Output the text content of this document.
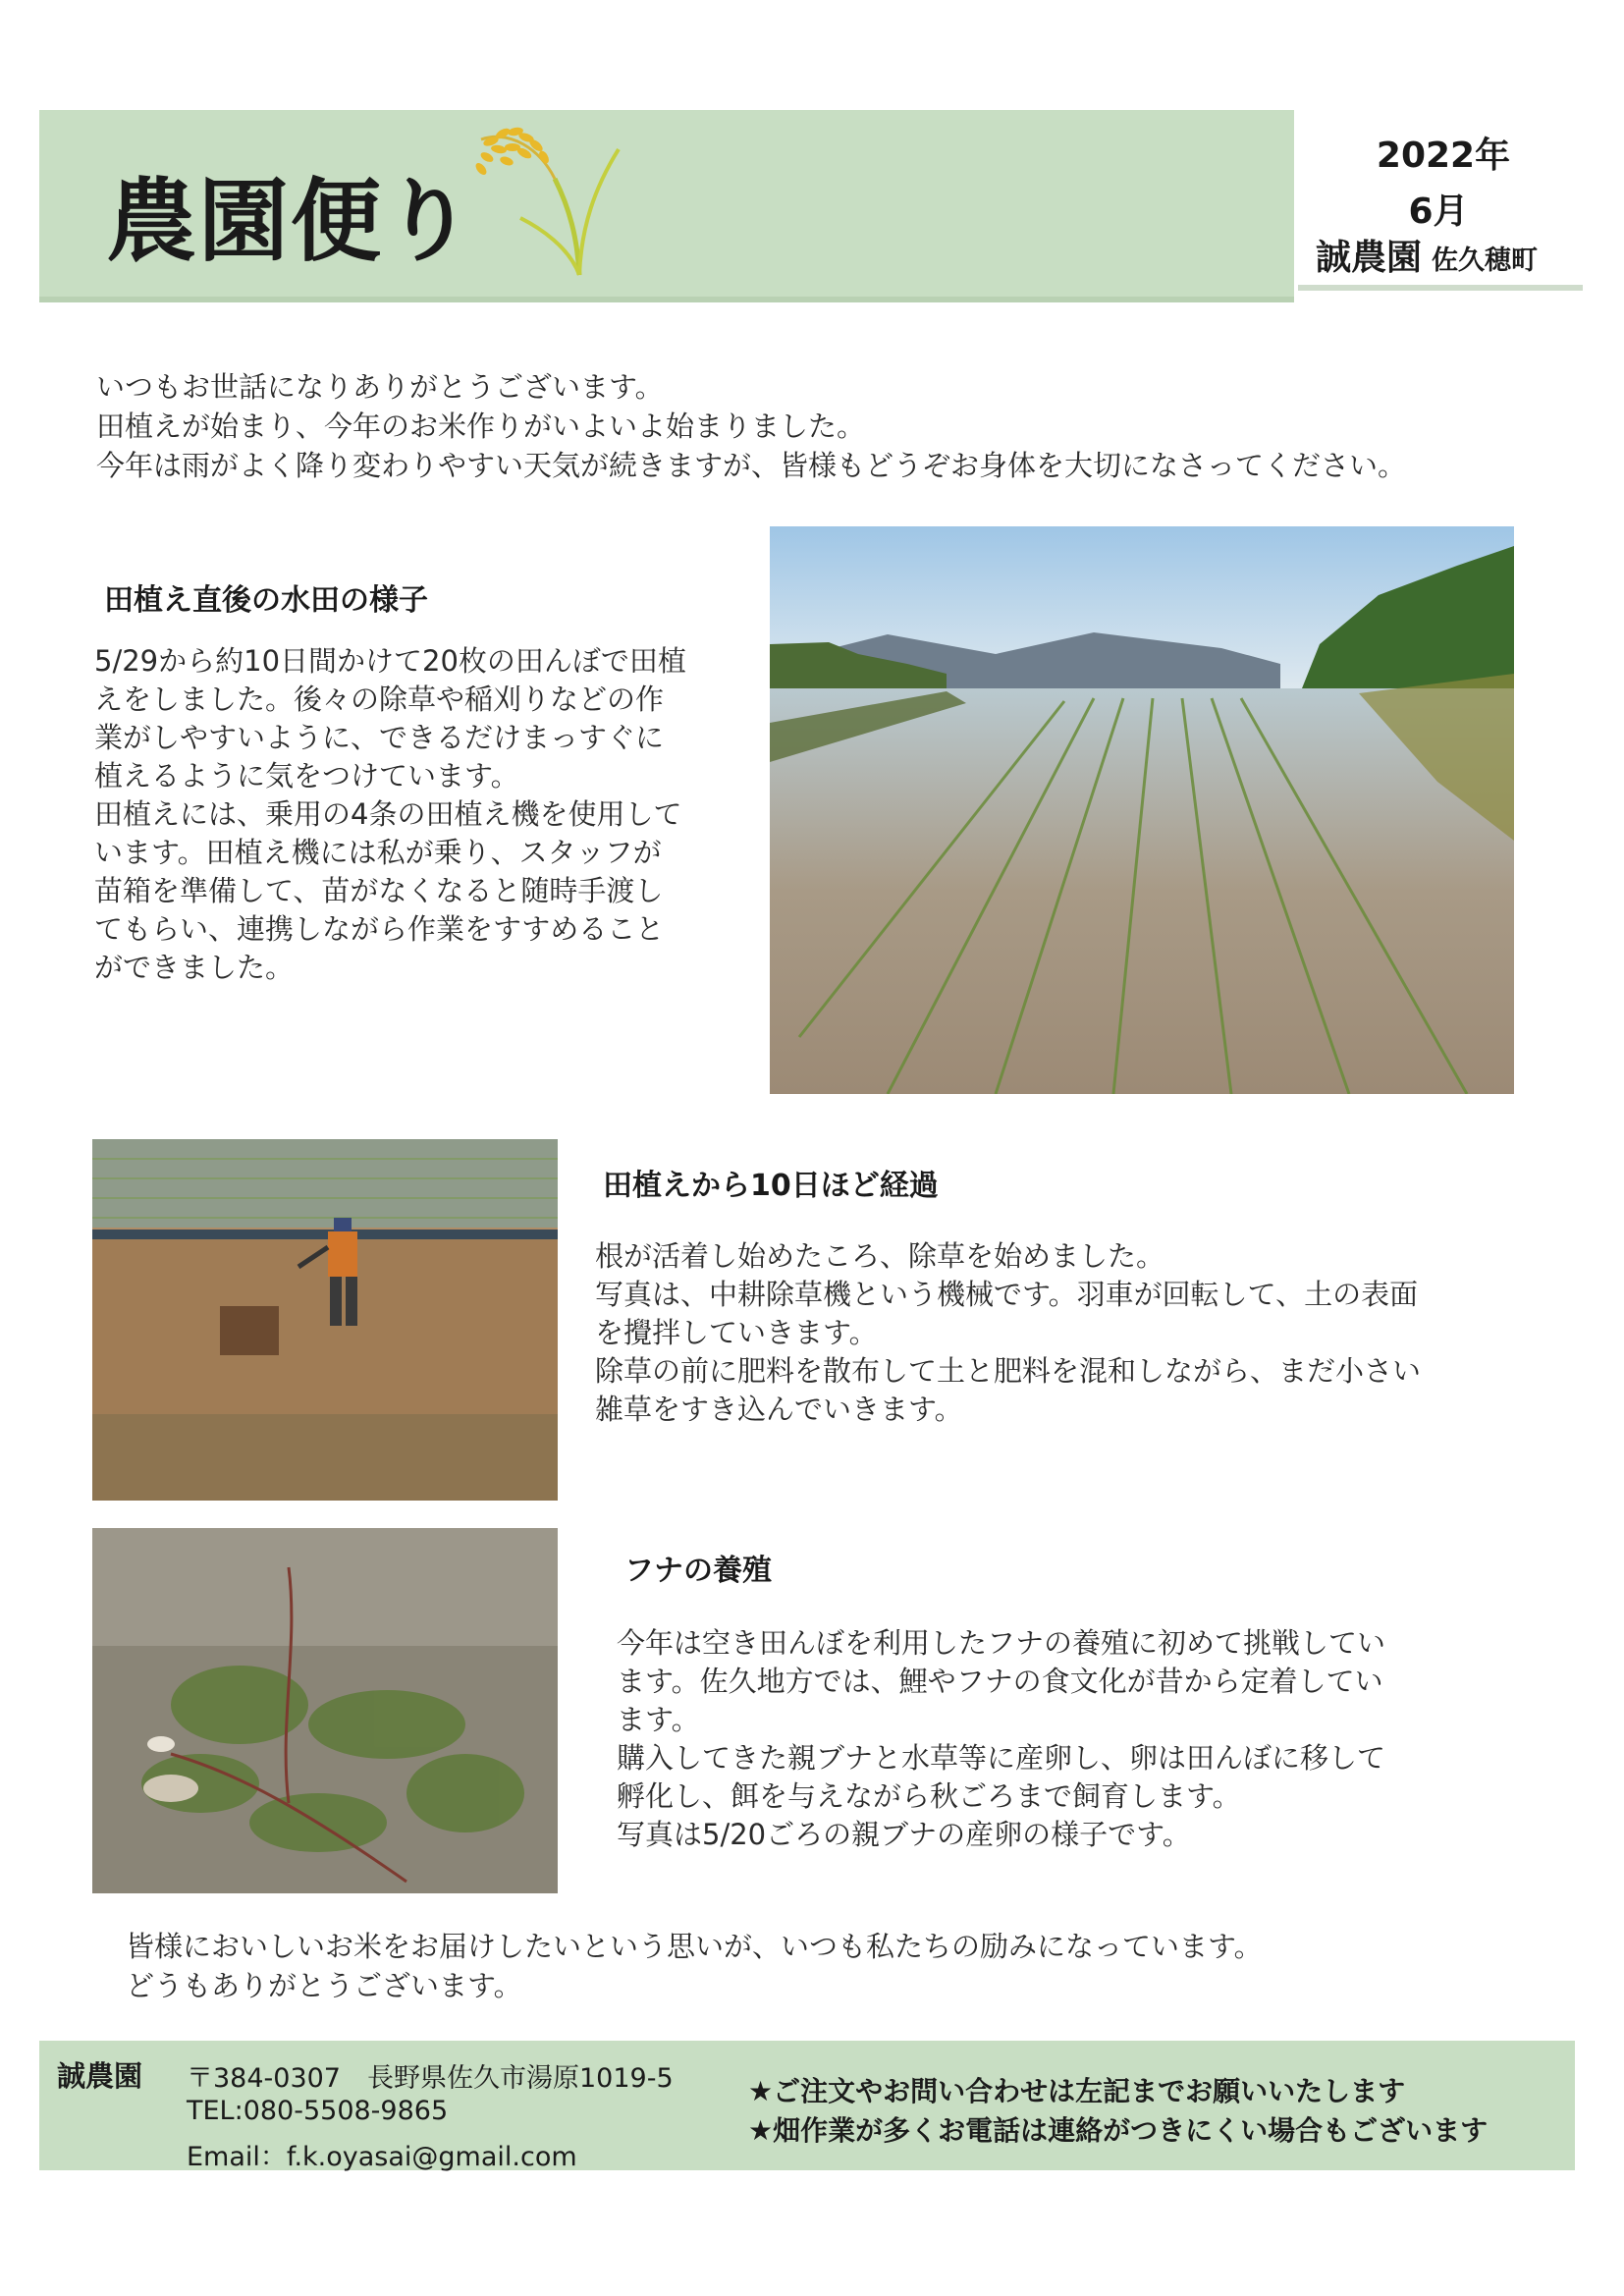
農園便り
2022年
6月
誠農園 佐久穂町
いつもお世話になりありがとうございます。
田植えが始まり、今年のお米作りがいよいよ始まりました。
今年は雨がよく降り変わりやすい天気が続きますが、皆様もどうぞお身体を大切になさってください。
田植え直後の水田の様子
5/29から約10日間かけて20枚の田んぼで田植
えをしました。後々の除草や稲刈りなどの作
業がしやすいように、できるだけまっすぐに
植えるように気をつけています。
田植えには、乗用の4条の田植え機を使用して
います。田植え機には私が乗り、スタッフが
苗箱を準備して、苗がなくなると随時手渡し
てもらい、連携しながら作業をすすめること
ができました。
田植えから10日ほど経過
根が活着し始めたころ、除草を始めました。
写真は、中耕除草機という機械です。羽車が回転して、土の表面
を攪拌していきます。
除草の前に肥料を散布して土と肥料を混和しながら、まだ小さい
雑草をすき込んでいきます。
フナの養殖
今年は空き田んぼを利用したフナの養殖に初めて挑戦してい
ます。佐久地方では、鯉やフナの食文化が昔から定着してい
ます。
購入してきた親ブナと水草等に産卵し、卵は田んぼに移して
孵化し、餌を与えながら秋ごろまで飼育します。
写真は5/20ごろの親ブナの産卵の様子です。
皆様においしいお米をお届けしたいという思いが、いつも私たちの励みになっています。
どうもありがとうございます。
誠農園 〒384-0307　長野県佐久市湯原1019-5
TEL:080-5508-9865
Email：f.k.oyasai@gmail.com
★ご注文やお問い合わせは左記までお願いいたします
★畑作業が多くお電話は連絡がつきにくい場合もございます
